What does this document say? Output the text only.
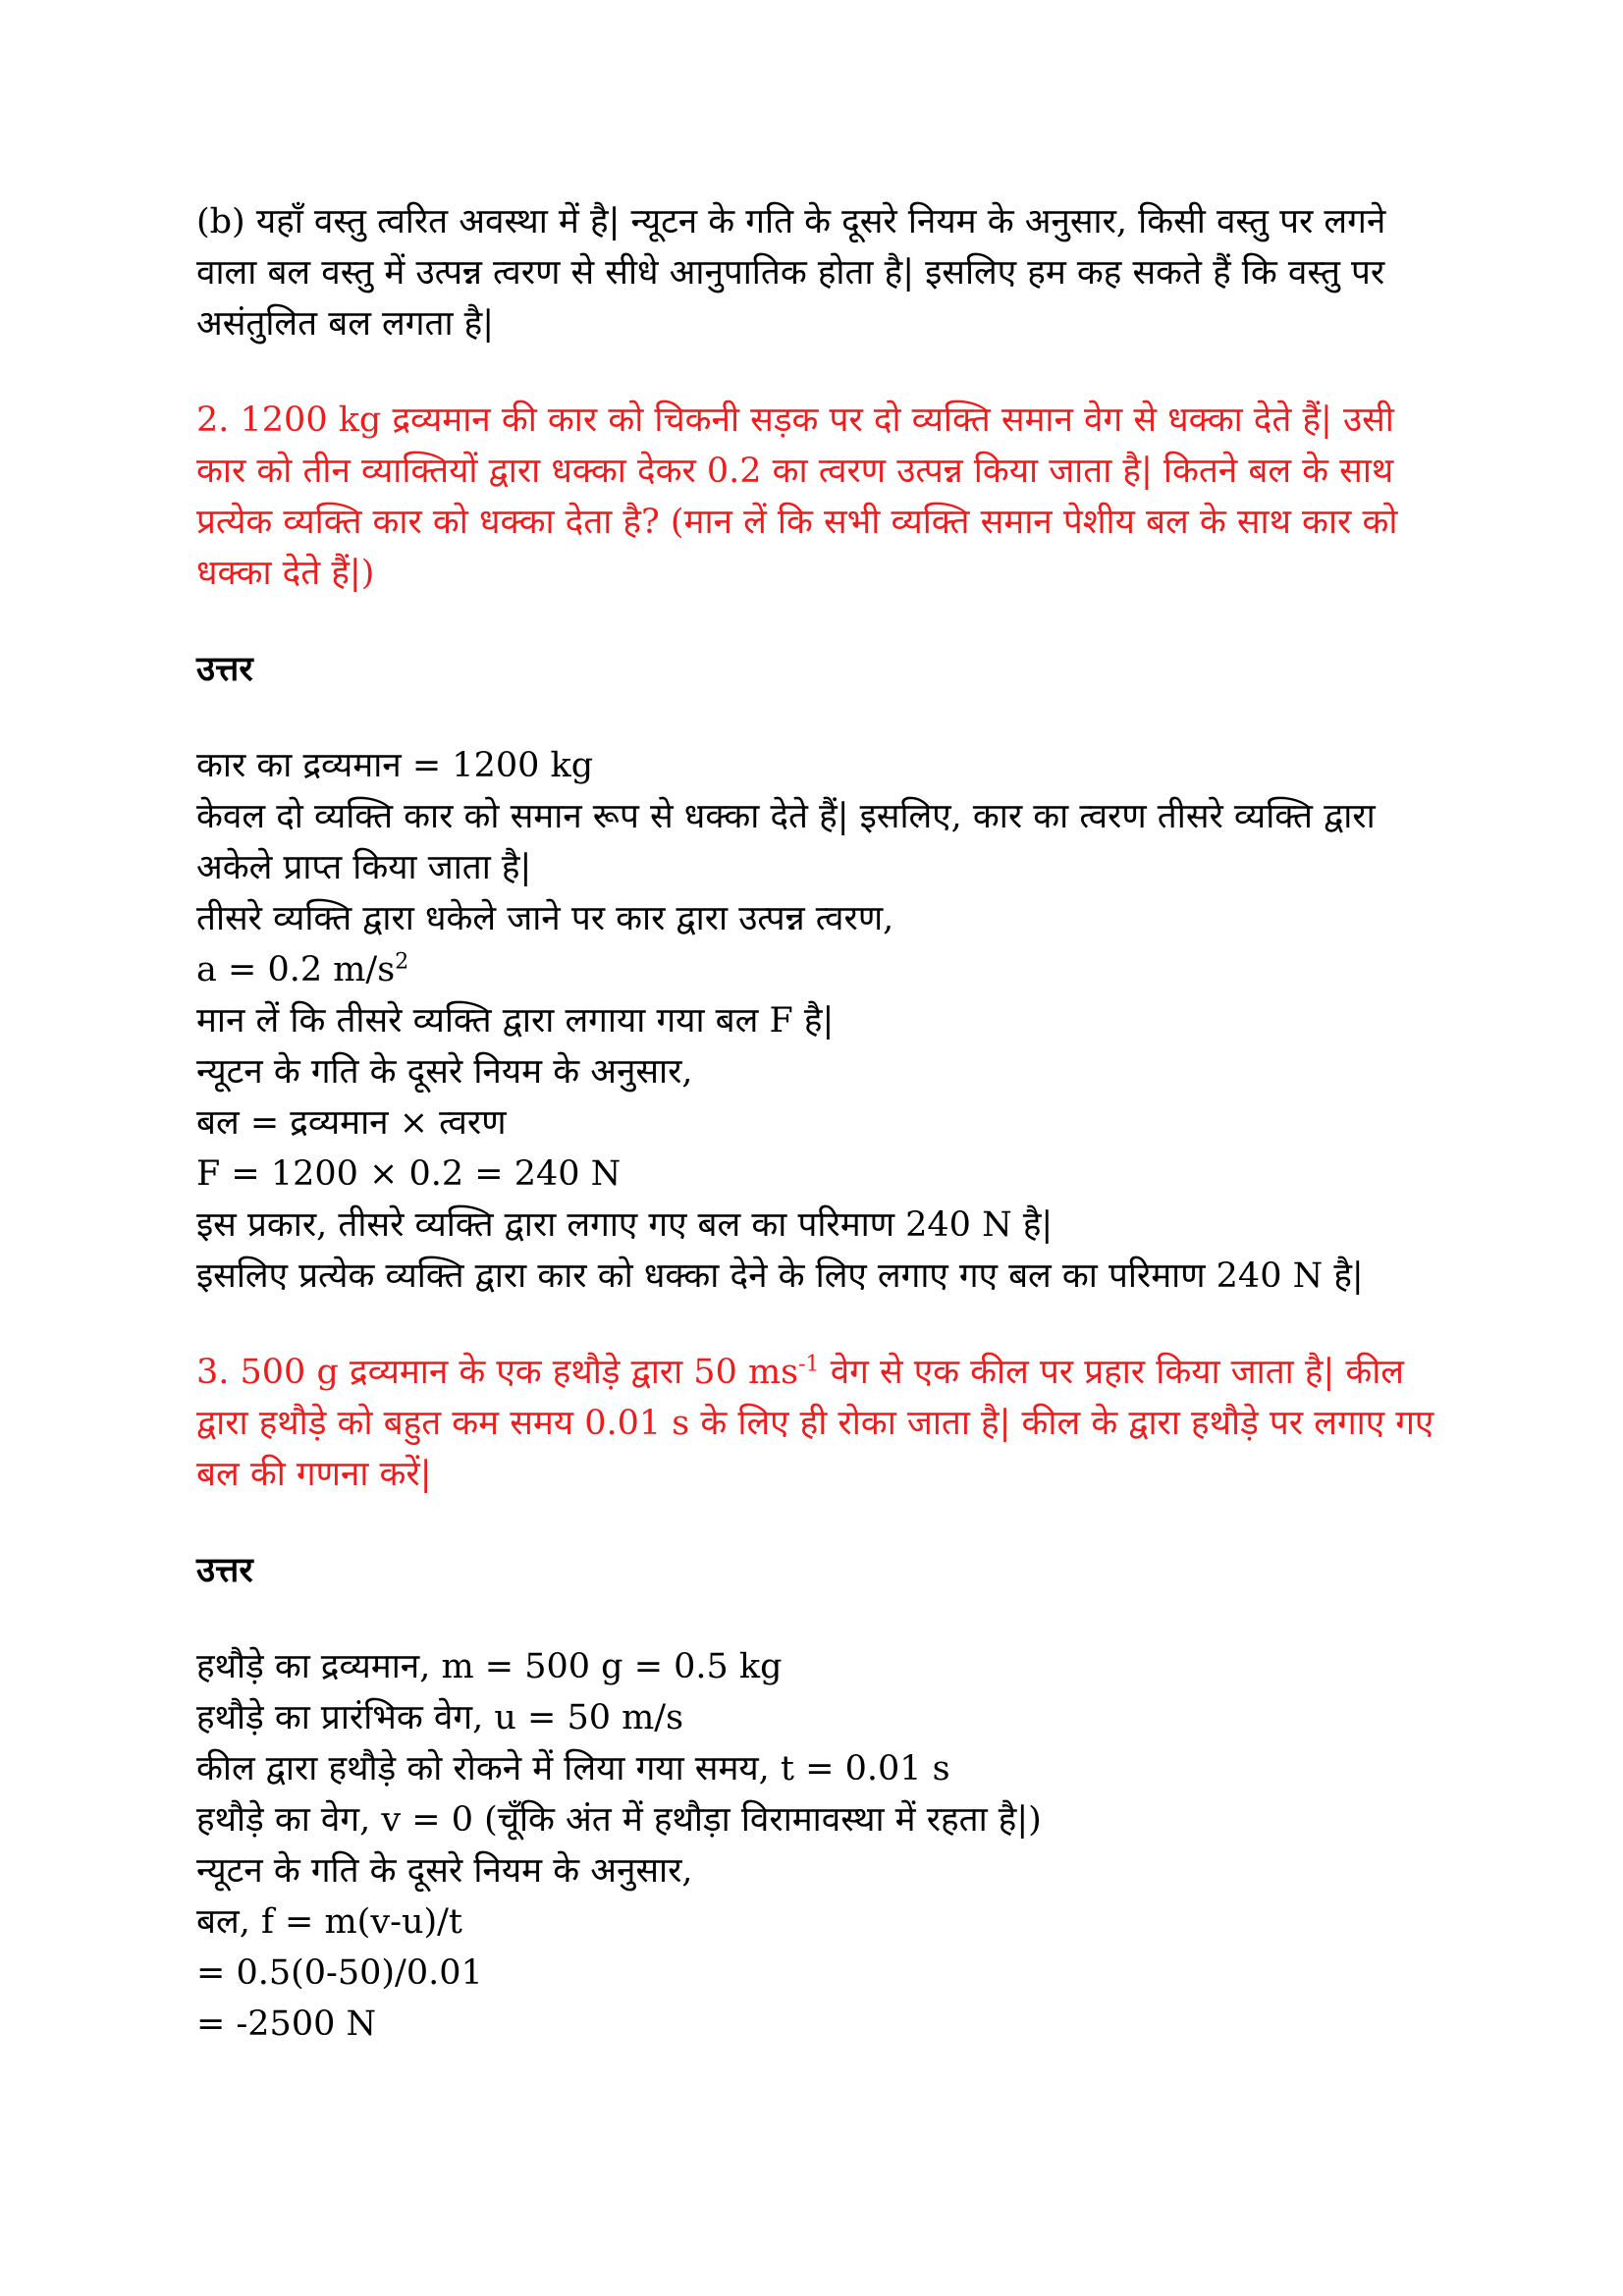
(b) यहाँ वस्तु त्वरित अवस्था में है| न्यूटन के गति के दूसरे नियम के अनुसार, किसी वस्तु पर लगने वाला बल वस्तु में उत्पन्न त्वरण से सीधे आनुपातिक होता है| इसलिए हम कह सकते हैं कि वस्तु पर असंतुलित बल लगता है|

2. 1200 kg द्रव्यमान की कार को चिकनी सड़क पर दो व्यक्ति समान वेग से धक्का देते हैं| उसी कार को तीन व्याक्तियों द्वारा धक्का देकर 0.2 का त्वरण उत्पन्न किया जाता है| कितने बल के साथ प्रत्येक व्यक्ति कार को धक्का देता है? (मान लें कि सभी व्यक्ति समान पेशीय बल के साथ कार को धक्का देते हैं|)

उत्तर

कार का द्रव्यमान = 1200 kg

केवल दो व्यक्ति कार को समान रूप से धक्का देते हैं| इसलिए, कार का त्वरण तीसरे व्यक्ति द्वारा अकेले प्राप्त किया जाता है|

तीसरे व्यक्ति द्वारा धकेले जाने पर कार द्वारा उत्पन्न त्वरण,

a = 0.2 $m/s^2$

मान लें कि तीसरे व्यक्ति द्वारा लगाया गया बल F है|

न्यूटन के गति के दूसरे नियम के अनुसार,

बल = द्रव्यमान × त्वरण

F = 1200 × 0.2 = 240 N

इस प्रकार, तीसरे व्यक्ति द्वारा लगाए गए बल का परिमाण 240 N है|

इसलिए प्रत्येक व्यक्ति द्वारा कार को धक्का देने के लिए लगाए गए बल का परिमाण 240 N है|

3. 500 g द्रव्यमान के एक हथौड़े द्वारा 50 $ms^{-1}$ वेग से एक कील पर प्रहार किया जाता है| कील द्वारा हथौड़े को बहुत कम समय 0.01 s के लिए ही रोका जाता है| कील के द्वारा हथौड़े पर लगाए गए बल की गणना करें|

उत्तर

हथौड़े का द्रव्यमान, m = 500 g = 0.5 kg

हथौड़े का प्रारंभिक वेग, u = 50 m/s

कील द्वारा हथौड़े को रोकने में लिया गया समय, t = 0.01 s

हथौड़े का वेग, v = 0 (चूँकि अंत में हथौड़ा विरामावस्था में रहता है|)

न्यूटन के गति के दूसरे नियम के अनुसार,

बल, f = m(v-u)/t

= 0.5(0-50)/0.01

= -2500 N
